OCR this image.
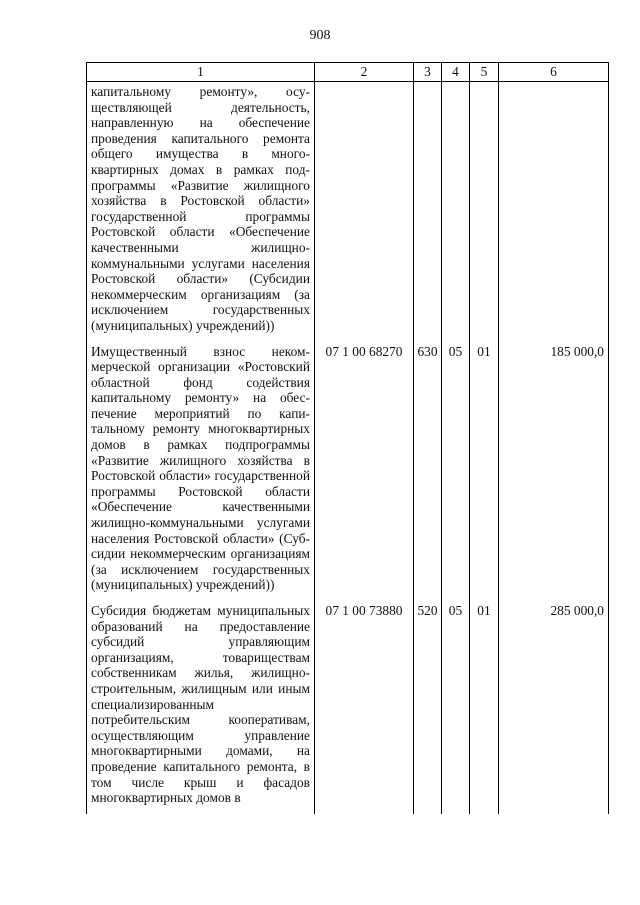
908
1	2	3	4	5	6
капитальному ремонту», осуществляющей деятельность, направленную на обеспечение проведения капитального ремонта общего имущества в многоквартирных домах в рамках подпрограммы «Развитие жилищного хозяйства в Ростовской области» государственной программы Ростовской области «Обеспечение качественными жилищно-коммунальными услугами населения Ростовской области» (Субсидии некоммерческим организациям (за исключением государственных (муниципальных) учреждений))					
Имущественный взнос некоммерческой организации «Ростовский областной фонд содействия капитальному ремонту» на обеспечение мероприятий по капитальному ремонту многоквартирных домов в рамках подпрограммы «Развитие жилищного хозяйства в Ростовской области» государственной программы Ростовской области «Обеспечение качественными жилищно-коммунальными услугами населения Ростовской области» (Субсидии некоммерческим организациям (за исключением государственных (муниципальных) учреждений))	07 1 00 68270	630	05	01	185 000,0
Субсидия бюджетам муниципальных образований на предоставление субсидий управляющим организациям, товариществам собственникам жилья, жилищно-строительным, жилищным или иным специализированным потребительским кооперативам, осуществляющим управление многоквартирными домами, на проведение капитального ремонта, в том числе крыш и фасадов многоквартирных домов в	07 1 00 73880	520	05	01	285 000,0
